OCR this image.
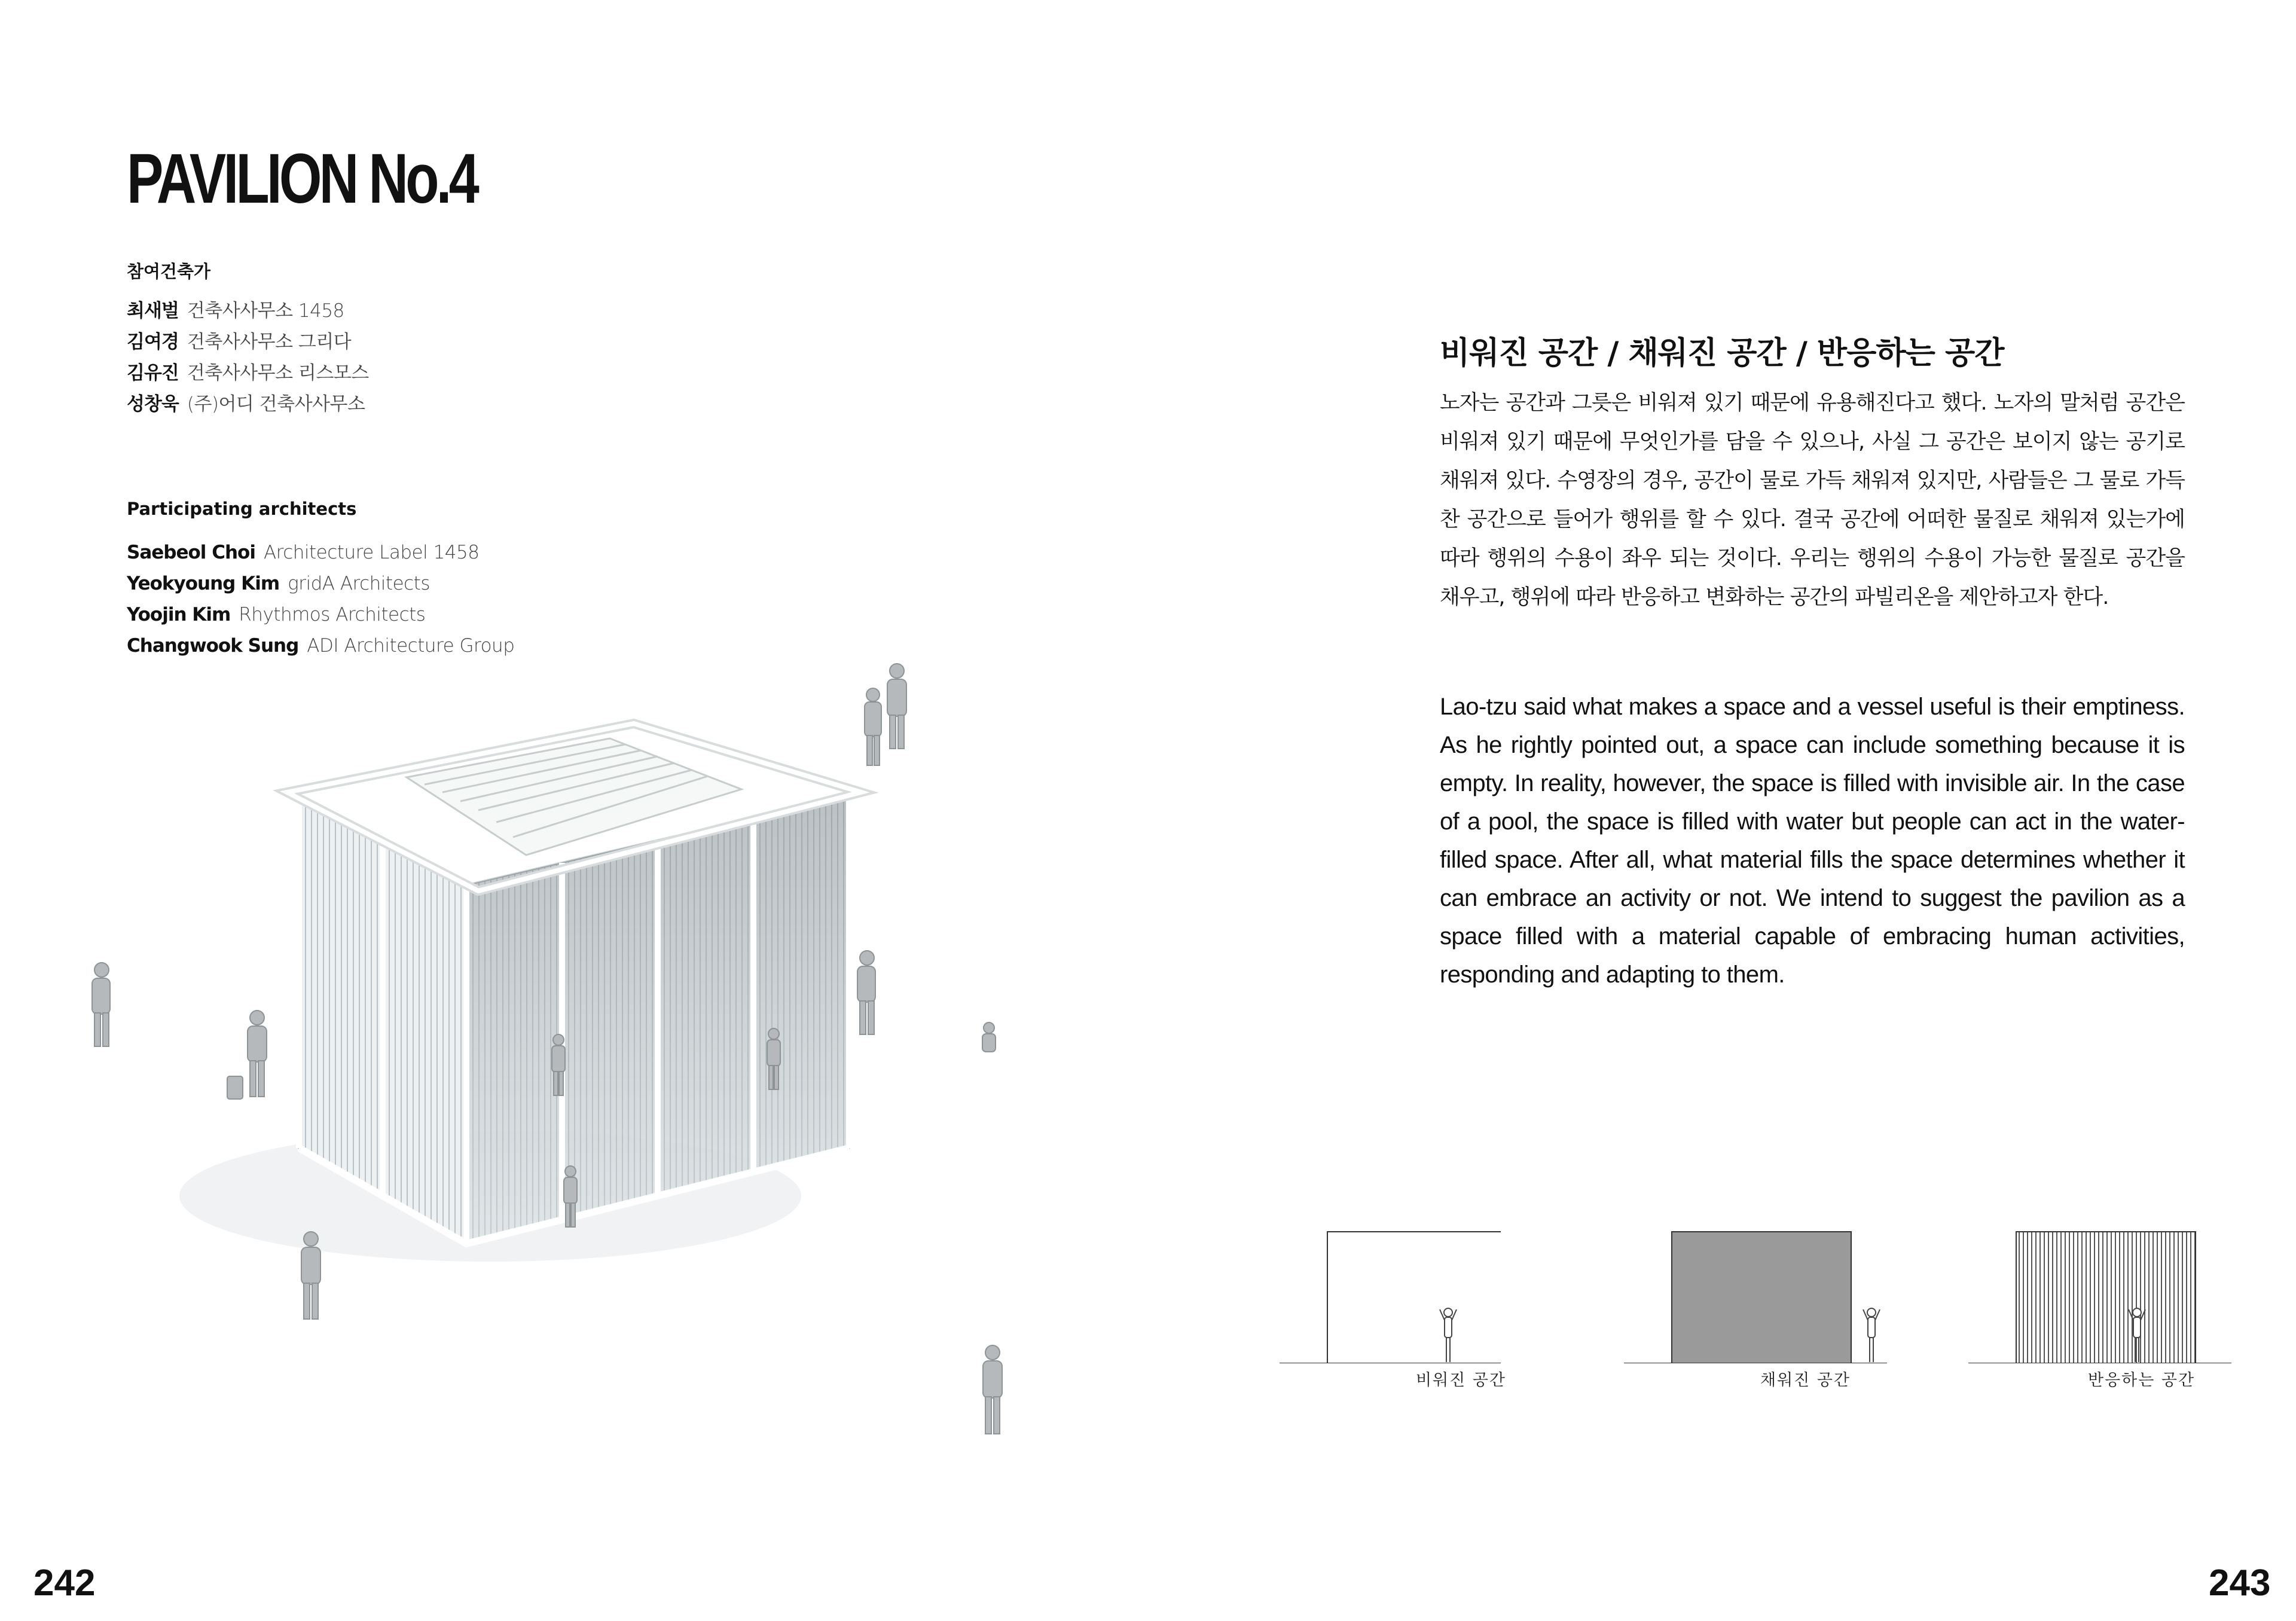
PAVILION No.4
참여건축가
최새벌 건축사사무소 1458
김여경 건축사사무소 그리다
김유진 건축사사무소 리스모스
성창욱 (주)어디 건축사사무소
Participating architects
Saebeol Choi Architecture Label 1458
Yeokyoung Kim gridA Architects
Yoojin Kim Rhythmos Architects
Changwook Sung ADI Architecture Group
비워진 공간 / 채워진 공간 / 반응하는 공간
노자는 공간과 그릇은 비워져 있기 때문에 유용해진다고 했다. 노자의 말처럼 공간은 비워져 있기 때문에 무엇인가를 담을 수 있으나, 사실 그 공간은 보이지 않는 공기로 채워져 있다. 수영장의 경우, 공간이 물로 가득 채워져 있지만, 사람들은 그 물로 가득 찬 공간으로 들어가 행위를 할 수 있다. 결국 공간에 어떠한 물질로 채워져 있는가에 따라 행위의 수용이 좌우 되는 것이다. 우리는 행위의 수용이 가능한 물질로 공간을 채우고, 행위에 따라 반응하고 변화하는 공간의 파빌리온을 제안하고자 한다.
Lao-tzu said what makes a space and a vessel useful is their emptiness. As he rightly pointed out, a space can include something because it is empty. In reality, however, the space is filled with invisible air. In the case of a pool, the space is filled with water but people can act in the water-filled space. After all, what material fills the space determines whether it can embrace an activity or not. We intend to suggest the pavilion as a space filled with a material capable of embracing human activities, responding and adapting to them.
비워진 공간	채워진 공간	반응하는 공간
242	243
